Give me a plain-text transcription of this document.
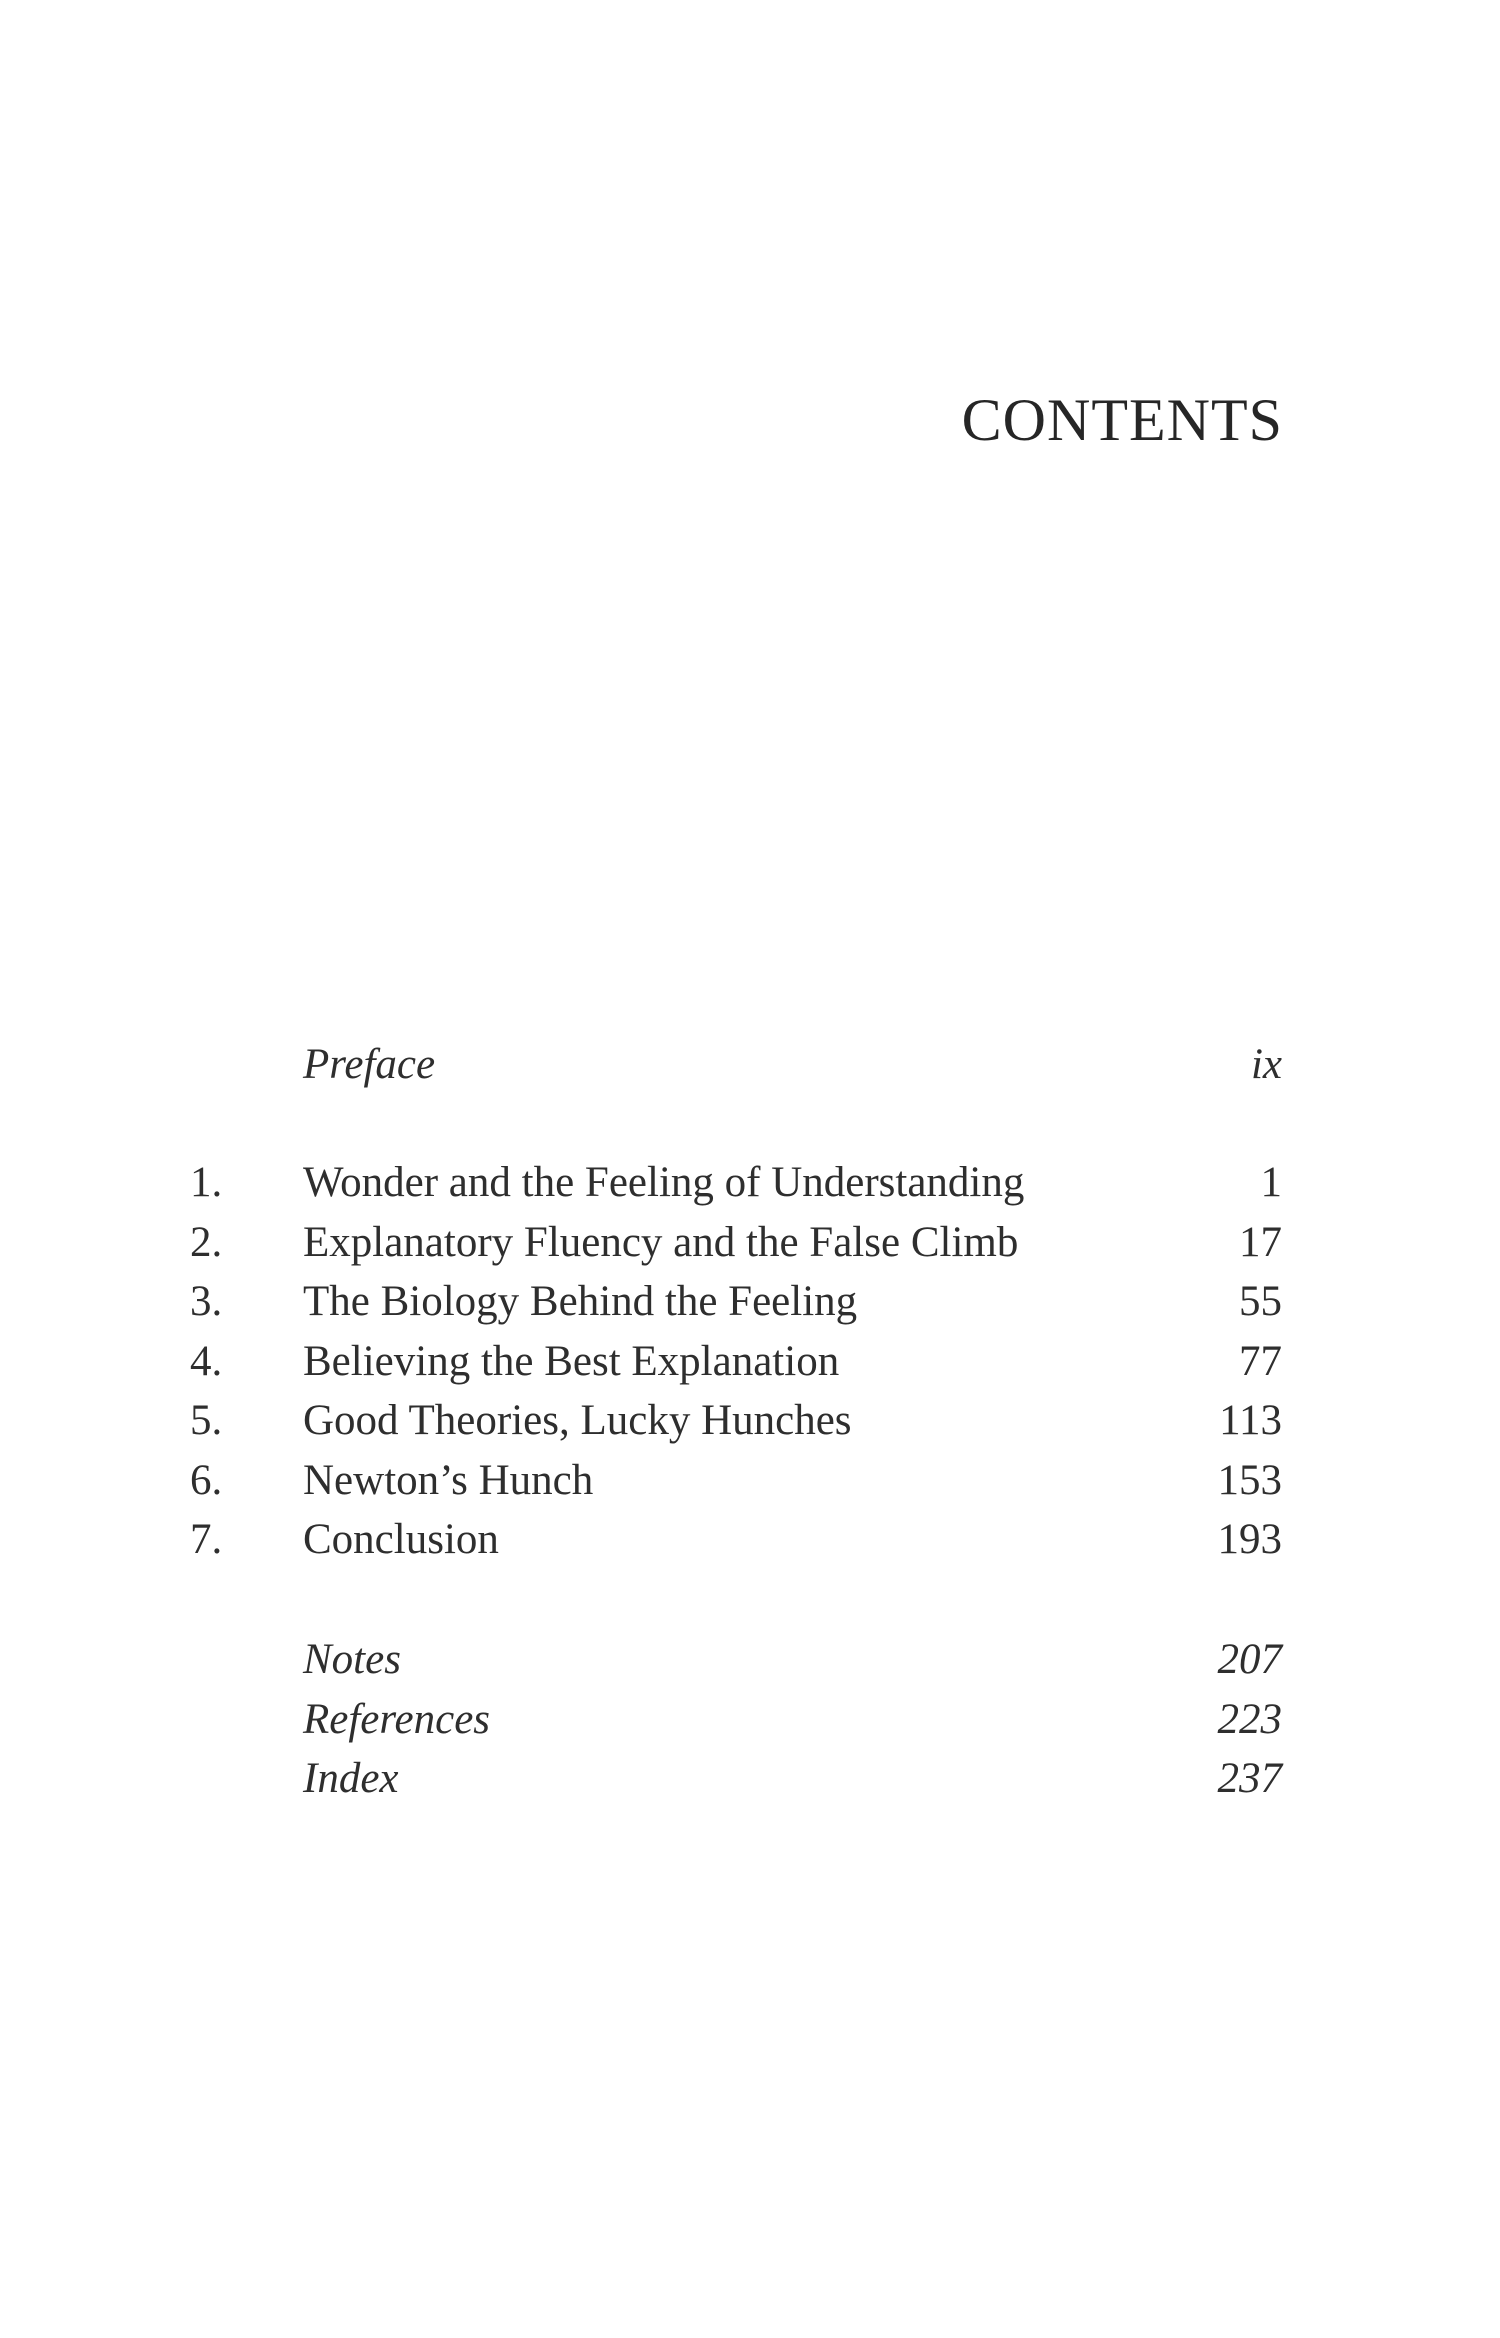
CONTENTS
Preface	ix
1.	Wonder and the Feeling of Understanding	1
2.	Explanatory Fluency and the False Climb	17
3.	The Biology Behind the Feeling	55
4.	Believing the Best Explanation	77
5.	Good Theories, Lucky Hunches	113
6.	Newton’s Hunch	153
7.	Conclusion	193
Notes	207
References	223
Index	237
